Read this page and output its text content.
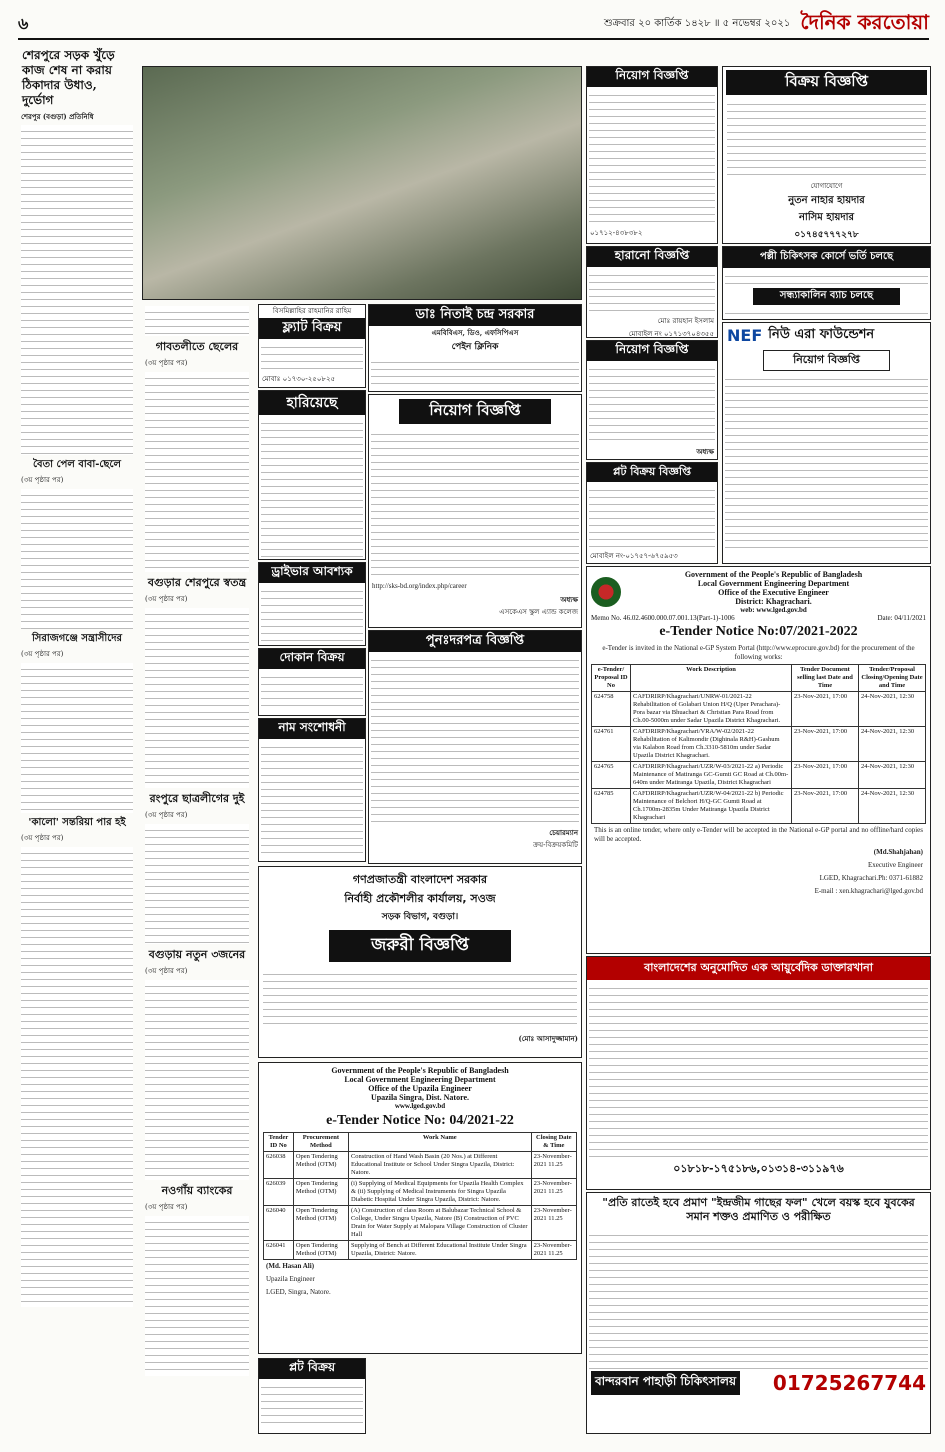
৬	শুক্রবার ২০ কার্তিক ১৪২৮ ॥ ৫ নভেম্বর ২০২১ দৈনিক করতোয়া
শেরপুরে সড়ক খুঁড়ে কাজ শেষ না করায় ঠিকাদার উধাও, দুর্ভোগ
শেরপুর (বগুড়া) প্রতিনিধি
বৈতা পেল বাবা-ছেলে
(৩য় পৃষ্ঠার পর)
সিরাজগঞ্জে সন্ত্রাসীদের
(৩য় পৃষ্ঠার পর)
'কালো' সন্তরিয়া পার হই
(৩য় পৃষ্ঠার পর)
গাবতলীতে ছেলের
(৩য় পৃষ্ঠার পর)
বগুড়ার শেরপুরে স্বতন্ত্র
(৩য় পৃষ্ঠার পর)
রংপুরে ছাত্রলীগের দুই
(৩য় পৃষ্ঠার পর)
বগুড়ায় নতুন ৩জনের
(৩য় পৃষ্ঠার পর)
নওগাঁয় ব্যাংকের
(৩য় পৃষ্ঠার পর)
বিসমিল্লাহির রাহমানির রাহিম
ফ্ল্যাট বিক্রয়
মোবাঃ ০১৭৩০-২৫০৮২৫
হারিয়েছে
ড্রাইভার আবশ্যক
দোকান বিক্রয়
নাম সংশোধনী
ডাঃ নিতাই চন্দ্র সরকার
এমবিবিএস, ডিও, এফসিপিএস
পেইন ক্লিনিক
নিয়োগ বিজ্ঞপ্তি
http://sks-bd.org/index.php/career
অধ্যক্ষ
এসকেএস স্কুল এ্যান্ড কলেজ
পুনঃদরপত্র বিজ্ঞপ্তি
চেয়ারম্যান
ক্রয়-বিক্রয়কমিটি
গণপ্রজাতন্ত্রী বাংলাদেশ সরকার
নির্বাহী প্রকৌশলীর কার্যালয়, সওজ
সড়ক বিভাগ, বগুড়া।
জরুরী বিজ্ঞপ্তি
(মোঃ আসাদুজ্জামান)
Government of the People's Republic of Bangladesh
Local Government Engineering Department
Office of the Upazila Engineer
Upazila Singra, Dist. Natore.
www.lged.gov.bd
e-Tender Notice No: 04/2021-22
Tender ID No	Procurement Method	Work Name	Closing Date & Time
626038	Open Tendering Method (OTM)	Construction of Hand Wash Basin (20 Nos.) at Different Educational Institute or School Under Singra Upazila, District: Natore.	23-November-2021 11.25
626039	Open Tendering Method (OTM)	(i) Supplying of Medical Equipments for Upazila Health Complex & (ii) Supplying of Medical Instruments for Singra Upazila Diabetic Hospital Under Singra Upazila, District: Natore.	23-November-2021 11.25
626040	Open Tendering Method (OTM)	(A) Construction of class Room at Balubazar Technical School & College, Under Singra Upazila, Natore (B) Construction of PVC Drain for Water Supply at Malopara Village Construction of Cluster Hall	23-November-2021 11.25
626041	Open Tendering Method (OTM)	Supplying of Bench at Different Educational Institute Under Singra Upazila, District: Natore.	23-November-2021 11.25
(Md. Hasan Ali)
Upazila Engineer
LGED, Singra, Natore.
প্লট বিক্রয়
নিয়োগ বিজ্ঞপ্তি
০১৭১২-৪৩৮৩৮২
হারানো বিজ্ঞপ্তি
মোঃ রায়হান ইসলাম
মোবাইল নং ০১৭১৩৭০৪৩৫৫
নিয়োগ বিজ্ঞপ্তি
অধ্যক্ষ
প্লট বিক্রয় বিজ্ঞপ্তি
মোবাইল নং-০১৭৫৭-৬৭৫৯৫৩
বিক্রয় বিজ্ঞপ্তি
যোগাযোগে
নুতন নাহার হায়দার
নাসিম হায়দার
০১৭৪৫৭৭৭২৭৮
পল্লী চিকিৎসক কোর্সে ভর্তি চলছে
সন্ধ্যাকালিন ব্যাচ চলছে
NEF নিউ এরা ফাউন্ডেশন
নিয়োগ বিজ্ঞপ্তি
Government of the People's Republic of Bangladesh
Local Government Engineering Department
Office of the Executive Engineer
District: Khagrachari.
web: www.lged.gov.bd
Memo No. 46.02.4600.000.07.001.13(Part-1)-1006	Date: 04/11/2021
e-Tender Notice No:07/2021-2022
e-Tender is invited in the National e-GP System Portal (http://www.eprocure.gov.bd) for the procurement of the following works:
e-Tender/ Proposal ID No	Work Description	Tender Document selling last Date and Time	Tender/Proposal Closing/Opening Date and Time
624758	CAFDRIRP/Khagrachari/UNRW-01/2021-22 Rehabilitation of Golabari Union H/Q (Uper Perachara)- Pora bazar via Bhuachari & Christian Para Road from Ch.00-5000m under Sadar Upazila District Khagrachari.	23-Nov-2021, 17:00	24-Nov-2021, 12:30
624761	CAFDRIRP/Khagrachari/VRA/W-02/2021-22 Rehabilitation of Kalimondir (Dighinala R&H)-Gashum via Kalabon Road from Ch.3310-5810m under Sadar Upazila District Khagrachari.	23-Nov-2021, 17:00	24-Nov-2021, 12:30
624765	CAFDRIRP/Khagrachari/UZR/W-03/2021-22 a) Periodic Maintenance of Matiranga GC-Gumti GC Road at Ch.00m-640m under Matiranga Upazila, District Khagrachari	23-Nov-2021, 17:00	24-Nov-2021, 12:30
624785	CAFDRIRP/Khagrachari/UZR/W-04/2021-22 b) Periodic Maintenance of Belchori H/Q-GC Gumti Road at Ch.1700m-2835m Under Matiranga Upazila District Khagrachari	23-Nov-2021, 17:00	24-Nov-2021, 12:30
This is an online tender, where only e-Tender will be accepted in the National e-GP portal and no offline/hard copies will be accepted.
(Md.Shahjahan)
Executive Engineer
LGED, Khagrachari.Ph: 0371-61882
E-mail : xen.khagrachari@lged.gov.bd
বাংলাদেশের অনুমোদিত এক আয়ুর্বেদিক ডাক্তারখানা
০১৮১৮-১৭৫১৮৬,০১৩১৪-৩১১৯৭৬
"প্রতি রাতেই হবে প্রমাণ "ইন্দ্রজীম গাছের ফল" খেলে বয়স্ক হবে যুবকের সমান শক্তও প্রমাণিত ও পরীক্ষিত
বান্দরবান পাহাড়ী চিকিৎসালয় 01725267744
